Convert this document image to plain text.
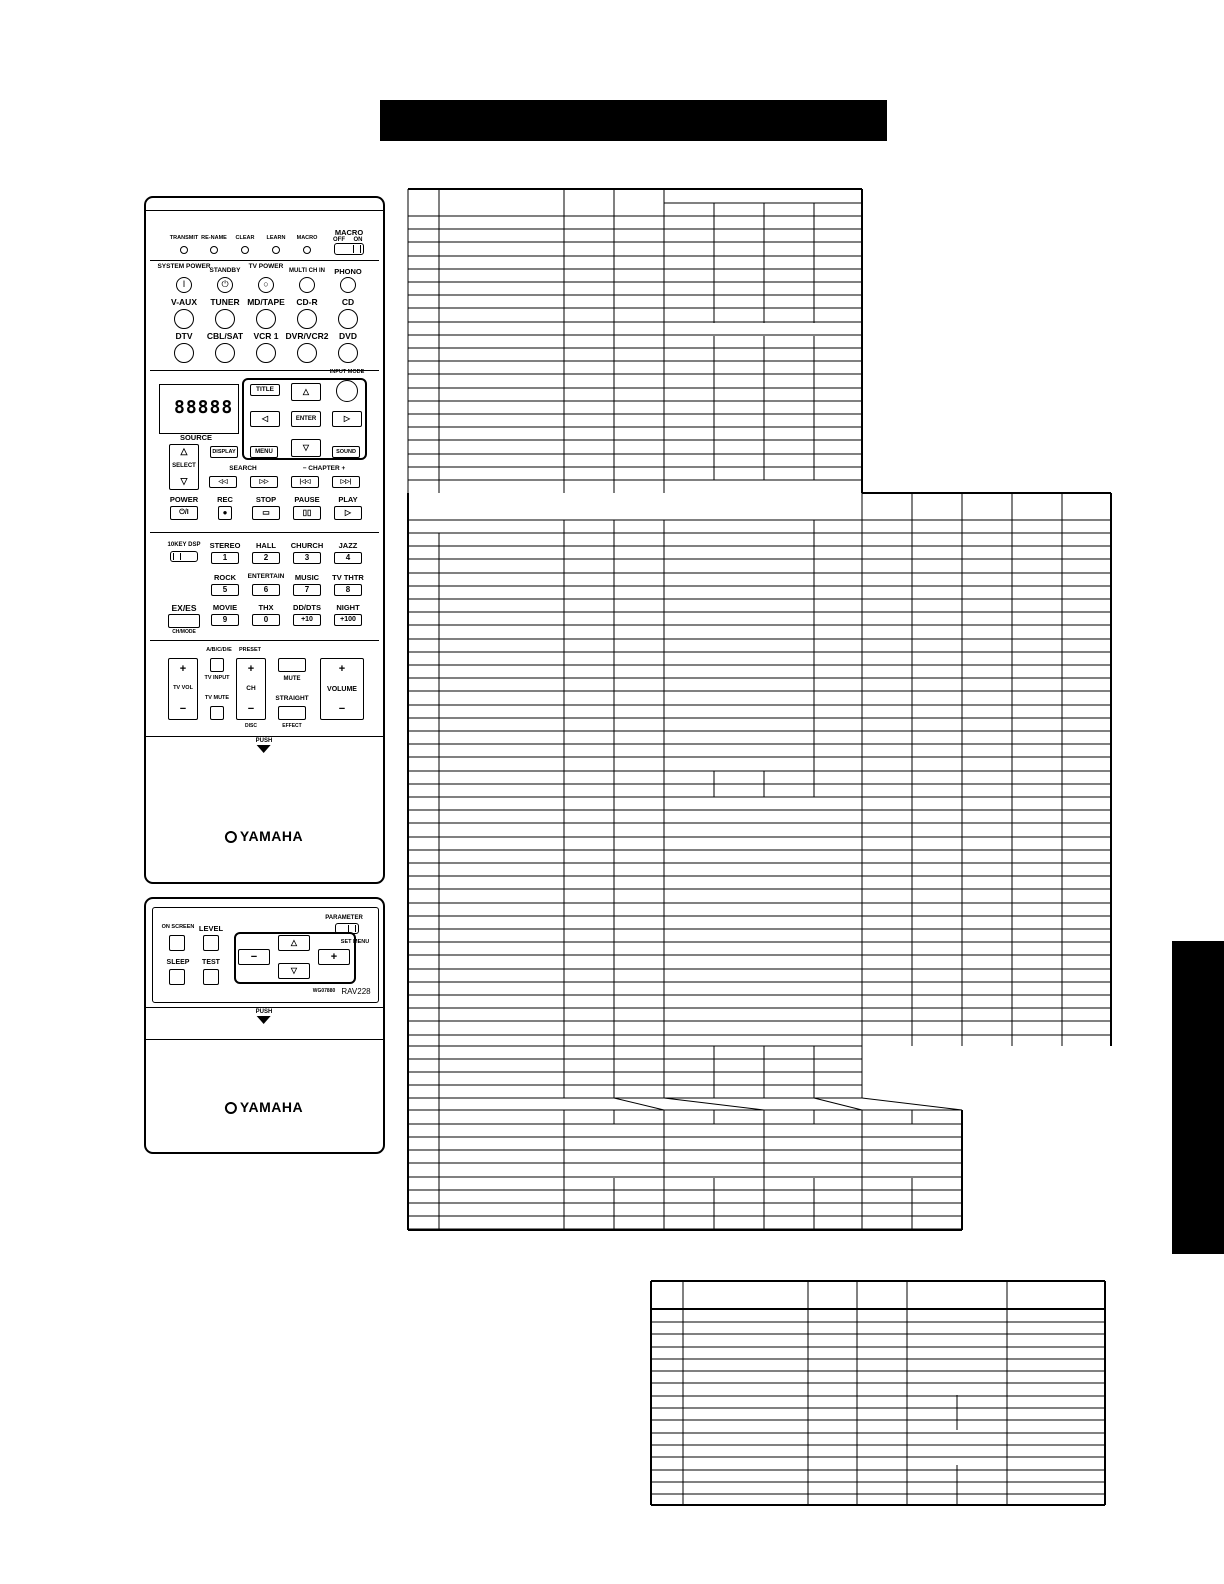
TRANSMIT RE-NAME CLEAR LEARN MACRO
MACRO
OFF ON
SYSTEM POWER
STANDBY
TV POWER
MULTI CH IN PHONO
I	⏻	○
V-AUX TUNER MD/TAPE CD-R	CD
DTV CBL/SAT VCR 1 DVR/VCR2 DVD
88888
TITLE
INPUT MODE
△
◁	ENTER	▷
▽
SOURCE
△
SELECT
▽
DISPLAY	MENU	SOUND
SEARCH	− CHAPTER +
◁◁	▷▷	|◁◁	▷▷|
POWER	REC	STOP PAUSE PLAY
⏻/I	●	▭	▯▯	▷
10KEY DSP STEREO HALL CHURCH JAZZ
1	2	3	4
ROCK ENTERTAIN MUSIC TV THTR
5	6	7	8
EX/ES MOVIE	THX	DD/DTS NIGHT
CH/MODE
9	0	+10	+100
A/B/C/D/E PRESET
+
TV VOL
−
TV INPUT
TV MUTE
+
CH
−
DISC
MUTE
STRAIGHT
EFFECT
+
VOLUME
−
PUSH
YAMAHA
ON SCREEN LEVEL
SLEEP TEST
△
−	+
▽
PARAMETER
SET MENU
WG07880 RAV228
PUSH
YAMAHA
